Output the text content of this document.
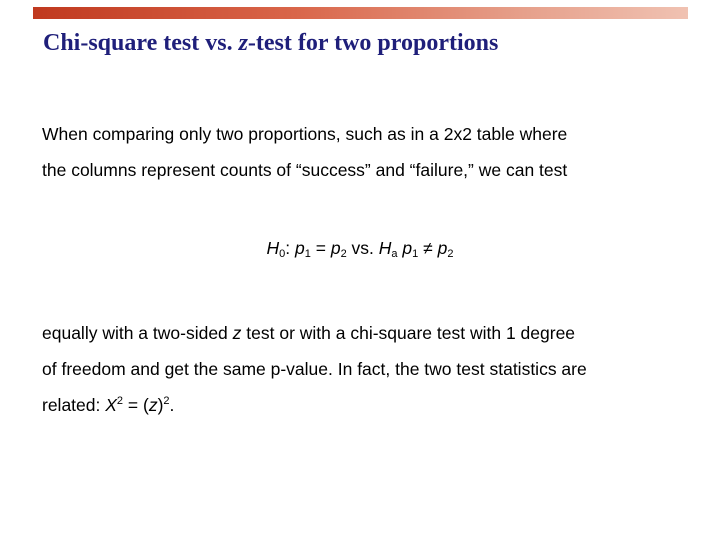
Chi-square test vs. z-test for two proportions
When comparing only two proportions, such as in a 2x2 table where
the columns represent counts of “success” and “failure,” we can test
$H_0$: $p_1 = p_2$ vs. $H_a$ $p_1 \ne p_2$
equally with a two-sided z test or with a chi-square test with 1 degree
of freedom and get the same p-value. In fact, the two test statistics are
related: $X^2 = (z)^2$.
